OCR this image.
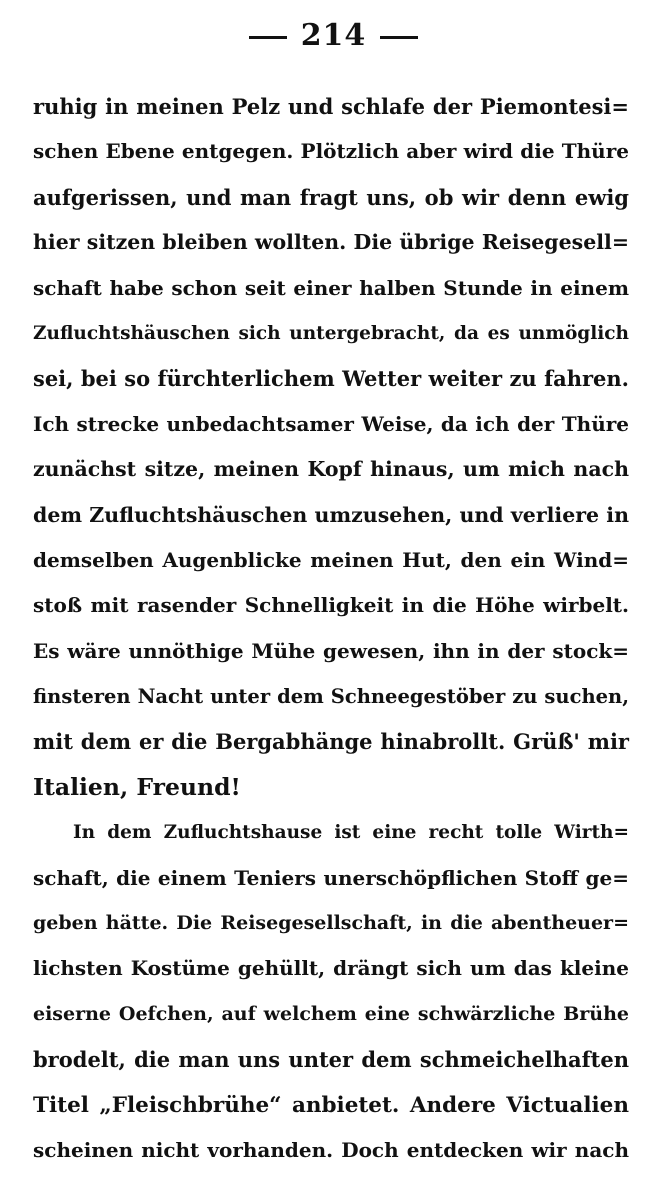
214
ruhig in meinen Pelz und schlafe der Piemontesi=
schen Ebene entgegen. Plötzlich aber wird die Thüre
aufgerissen, und man fragt uns, ob wir denn ewig
hier sitzen bleiben wollten. Die übrige Reisegesell=
schaft habe schon seit einer halben Stunde in einem
Zufluchtshäuschen sich untergebracht, da es unmöglich
sei, bei so fürchterlichem Wetter weiter zu fahren.
Ich strecke unbedachtsamer Weise, da ich der Thüre
zunächst sitze, meinen Kopf hinaus, um mich nach
dem Zufluchtshäuschen umzusehen, und verliere in
demselben Augenblicke meinen Hut, den ein Wind=
stoß mit rasender Schnelligkeit in die Höhe wirbelt.
Es wäre unnöthige Mühe gewesen, ihn in der stock=
finsteren Nacht unter dem Schneegestöber zu suchen,
mit dem er die Bergabhänge hinabrollt. Grüß' mir
Italien, Freund!
In dem Zufluchtshause ist eine recht tolle Wirth=
schaft, die einem Teniers unerschöpflichen Stoff ge=
geben hätte. Die Reisegesellschaft, in die abentheuer=
lichsten Kostüme gehüllt, drängt sich um das kleine
eiserne Oefchen, auf welchem eine schwärzliche Brühe
brodelt, die man uns unter dem schmeichelhaften
Titel „Fleischbrühe“ anbietet. Andere Victualien
scheinen nicht vorhanden. Doch entdecken wir nach
